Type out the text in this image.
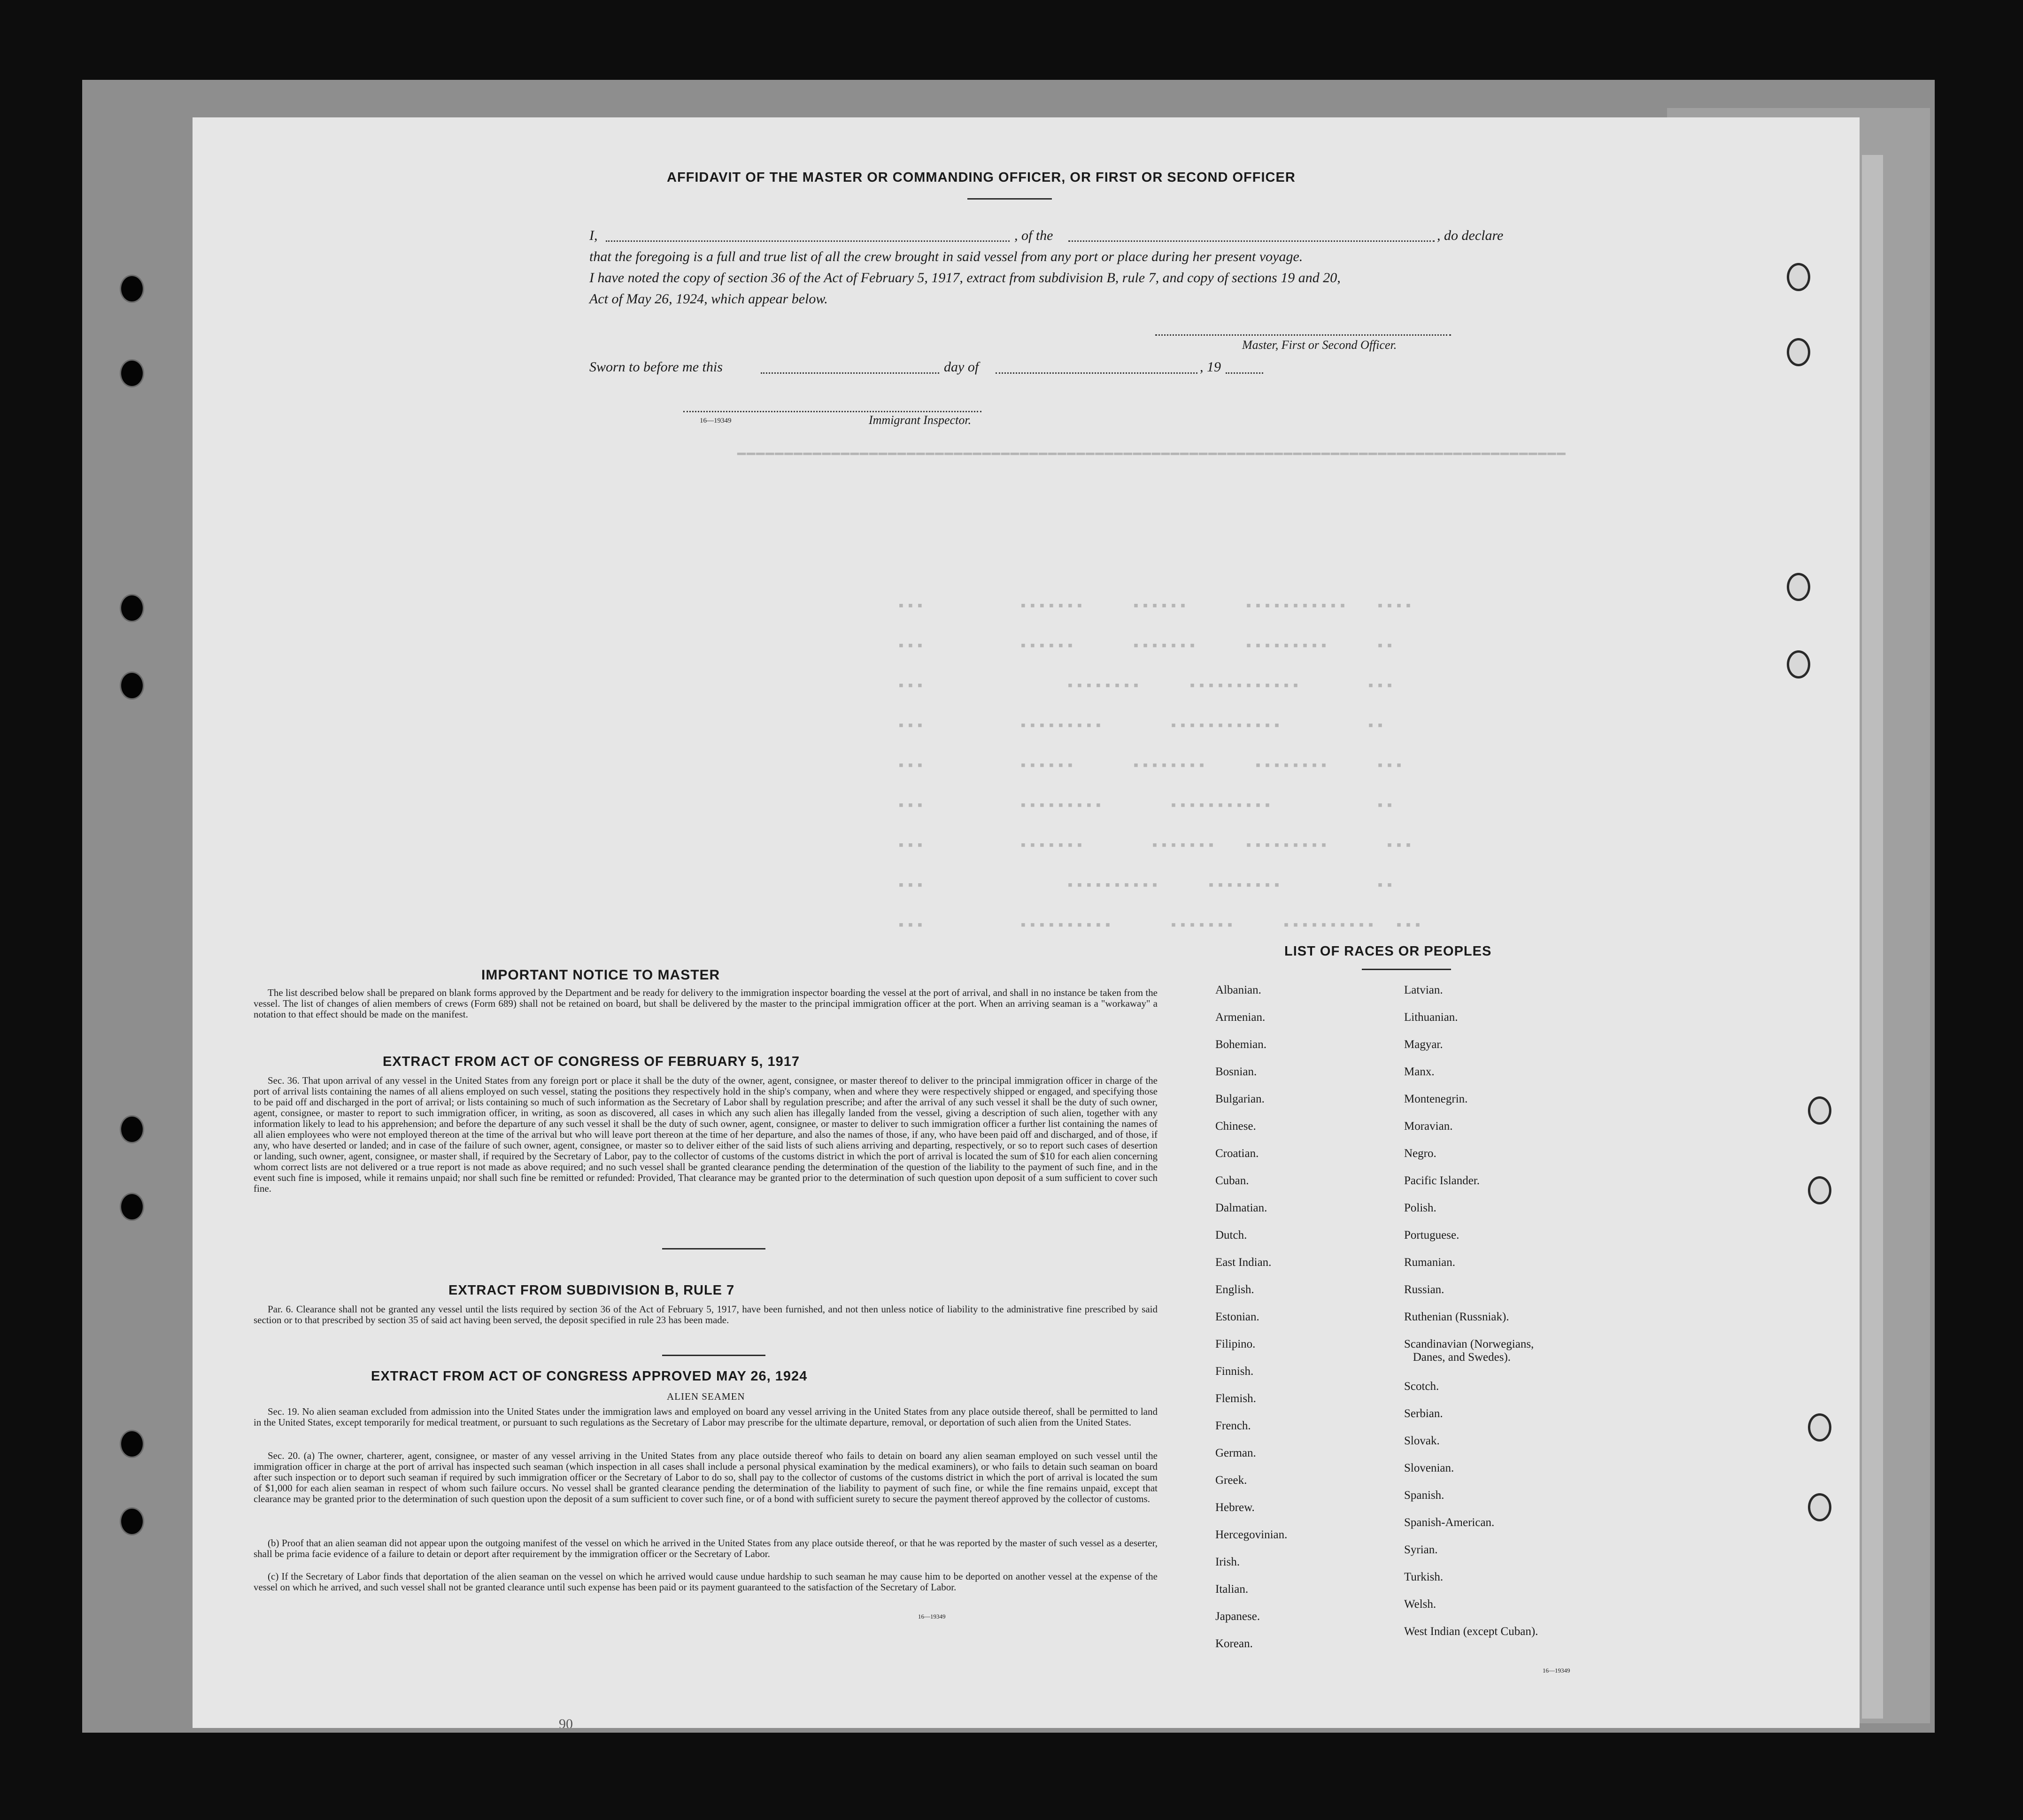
━━━━━━━━━━━━━━━━━━━━━━━━━━━━━━━━━━━━━━━━━━━━━━━━━━━━━━━━━━━━━━━━━━━━━━━━━━━━━━━━━━━━━━━━
▪▪▪          ▪▪▪▪▪▪▪     ▪▪▪▪▪▪      ▪▪▪▪▪▪▪▪▪▪▪   ▪▪▪▪
▪▪▪          ▪▪▪▪▪▪      ▪▪▪▪▪▪▪     ▪▪▪▪▪▪▪▪▪     ▪▪
▪▪▪               ▪▪▪▪▪▪▪▪     ▪▪▪▪▪▪▪▪▪▪▪▪       ▪▪▪
▪▪▪          ▪▪▪▪▪▪▪▪▪       ▪▪▪▪▪▪▪▪▪▪▪▪         ▪▪
▪▪▪          ▪▪▪▪▪▪      ▪▪▪▪▪▪▪▪     ▪▪▪▪▪▪▪▪     ▪▪▪
▪▪▪          ▪▪▪▪▪▪▪▪▪       ▪▪▪▪▪▪▪▪▪▪▪           ▪▪
▪▪▪          ▪▪▪▪▪▪▪       ▪▪▪▪▪▪▪   ▪▪▪▪▪▪▪▪▪      ▪▪▪
▪▪▪               ▪▪▪▪▪▪▪▪▪▪     ▪▪▪▪▪▪▪▪          ▪▪
▪▪▪          ▪▪▪▪▪▪▪▪▪▪      ▪▪▪▪▪▪▪     ▪▪▪▪▪▪▪▪▪▪  ▪▪▪
AFFIDAVIT OF THE MASTER OR COMMANDING OFFICER, OR FIRST OR SECOND OFFICER
I,	, of the	, do declare
that the foregoing is a full and true list of all the crew brought in said vessel from any port or place during her present voyage.
I have noted the copy of section 36 of the Act of February 5, 1917, extract from subdivision B, rule 7, and copy of sections 19 and 20,
Act of May 26, 1924, which appear below.
Master, First or Second Officer.
Sworn to before me this	day of	, 19
16—19349	Immigrant Inspector.
IMPORTANT NOTICE TO MASTER
The list described below shall be prepared on blank forms approved by the Department and be ready for delivery to the immigration inspector boarding the vessel at the port of arrival, and shall in no instance be taken from the vessel. The list of changes of alien members of crews (Form 689) shall not be retained on board, but shall be delivered by the master to the principal immigration officer at the port. When an arriving seaman is a "workaway" a notation to that effect should be made on the manifest.
EXTRACT FROM ACT OF CONGRESS OF FEBRUARY 5, 1917
Sec. 36. That upon arrival of any vessel in the United States from any foreign port or place it shall be the duty of the owner, agent, consignee, or master thereof to deliver to the principal immigration officer in charge of the port of arrival lists containing the names of all aliens employed on such vessel, stating the positions they respectively hold in the ship's company, when and where they were respectively shipped or engaged, and specifying those to be paid off and discharged in the port of arrival; or lists containing so much of such information as the Secretary of Labor shall by regulation prescribe; and after the arrival of any such vessel it shall be the duty of such owner, agent, consignee, or master to report to such immigration officer, in writing, as soon as discovered, all cases in which any such alien has illegally landed from the vessel, giving a description of such alien, together with any information likely to lead to his apprehension; and before the departure of any such vessel it shall be the duty of such owner, agent, consignee, or master to deliver to such immigration officer a further list containing the names of all alien employees who were not employed thereon at the time of the arrival but who will leave port thereon at the time of her departure, and also the names of those, if any, who have been paid off and discharged, and of those, if any, who have deserted or landed; and in case of the failure of such owner, agent, consignee, or master so to deliver either of the said lists of such aliens arriving and departing, respectively, or so to report such cases of desertion or landing, such owner, agent, consignee, or master shall, if required by the Secretary of Labor, pay to the collector of customs of the customs district in which the port of arrival is located the sum of $10 for each alien concerning whom correct lists are not delivered or a true report is not made as above required; and no such vessel shall be granted clearance pending the determination of the question of the liability to the payment of such fine, and in the event such fine is imposed, while it remains unpaid; nor shall such fine be remitted or refunded: Provided, That clearance may be granted prior to the determination of such question upon deposit of a sum sufficient to cover such fine.
EXTRACT FROM SUBDIVISION B, RULE 7
Par. 6. Clearance shall not be granted any vessel until the lists required by section 36 of the Act of February 5, 1917, have been furnished, and not then unless notice of liability to the administrative fine prescribed by said section or to that prescribed by section 35 of said act having been served, the deposit specified in rule 23 has been made.
EXTRACT FROM ACT OF CONGRESS APPROVED MAY 26, 1924
ALIEN SEAMEN
Sec. 19. No alien seaman excluded from admission into the United States under the immigration laws and employed on board any vessel arriving in the United States from any place outside thereof, shall be permitted to land in the United States, except temporarily for medical treatment, or pursuant to such regulations as the Secretary of Labor may prescribe for the ultimate departure, removal, or deportation of such alien from the United States.
Sec. 20. (a) The owner, charterer, agent, consignee, or master of any vessel arriving in the United States from any place outside thereof who fails to detain on board any alien seaman employed on such vessel until the immigration officer in charge at the port of arrival has inspected such seaman (which inspection in all cases shall include a personal physical examination by the medical examiners), or who fails to detain such seaman on board after such inspection or to deport such seaman if required by such immigration officer or the Secretary of Labor to do so, shall pay to the collector of customs of the customs district in which the port of arrival is located the sum of $1,000 for each alien seaman in respect of whom such failure occurs. No vessel shall be granted clearance pending the determination of the liability to payment of such fine, or while the fine remains unpaid, except that clearance may be granted prior to the determination of such question upon the deposit of a sum sufficient to cover such fine, or of a bond with sufficient surety to secure the payment thereof approved by the collector of customs.
(b) Proof that an alien seaman did not appear upon the outgoing manifest of the vessel on which he arrived in the United States from any place outside thereof, or that he was reported by the master of such vessel as a deserter, shall be prima facie evidence of a failure to detain or deport after requirement by the immigration officer or the Secretary of Labor.
(c) If the Secretary of Labor finds that deportation of the alien seaman on the vessel on which he arrived would cause undue hardship to such seaman he may cause him to be deported on another vessel at the expense of the vessel on which he arrived, and such vessel shall not be granted clearance until such expense has been paid or its payment guaranteed to the satisfaction of the Secretary of Labor.
16—19349
LIST OF RACES OR PEOPLES
Albanian.
Armenian.
Bohemian.
Bosnian.
Bulgarian.
Chinese.
Croatian.
Cuban.
Dalmatian.
Dutch.
East Indian.
English.
Estonian.
Filipino.
Finnish.
Flemish.
French.
German.
Greek.
Hebrew.
Hercegovinian.
Irish.
Italian.
Japanese.
Korean.
Latvian.
Lithuanian.
Magyar.
Manx.
Montenegrin.
Moravian.
Negro.
Pacific Islander.
Polish.
Portuguese.
Rumanian.
Russian.
Ruthenian (Russniak).
Scandinavian (Norwegians,
Danes, and Swedes).
Scotch.
Serbian.
Slovak.
Slovenian.
Spanish.
Spanish-American.
Syrian.
Turkish.
Welsh.
West Indian (except Cuban).
16—19349
90
